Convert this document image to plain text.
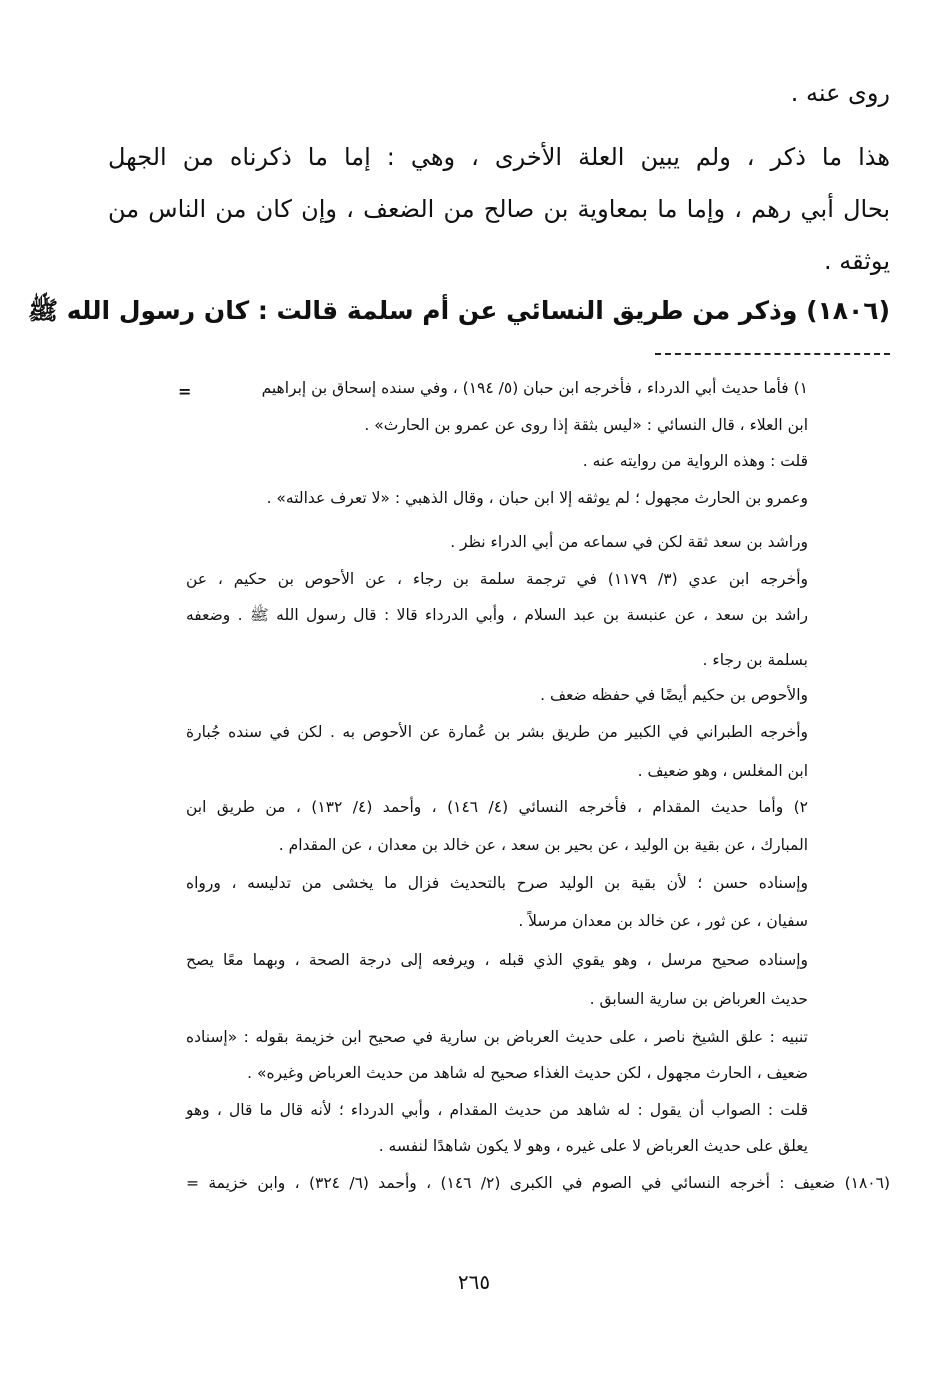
روى عنه .
هذا ما ذكر ، ولم يبين العلة الأخرى ، وهي : إما ما ذكرناه من الجهل
بحال أبي رهم ، وإما ما بمعاوية بن صالح من الضعف ، وإن كان من الناس من
يوثقه .
(١٨٠٦) وذكر من طريق النسائي عن أم سلمة قالت : كان رسول الله ﷺ
=	١) فأما حديث أبي الدرداء ، فأخرجه ابن حبان (٥/ ١٩٤) ، وفي سنده إسحاق بن إبراهيم
ابن العلاء ، قال النسائي : «ليس بثقة إذا روى عن عمرو بن الحارث» .
قلت : وهذه الرواية من روايته عنه .
وعمرو بن الحارث مجهول ؛ لم يوثقه إلا ابن حبان ، وقال الذهبي : «لا تعرف عدالته» .
وراشد بن سعد ثقة لكن في سماعه من أبي الدراء نظر .
وأخرجه ابن عدي (٣/ ١١٧٩) في ترجمة سلمة بن رجاء ، عن الأحوص بن حكيم ، عن
راشد بن سعد ، عن عنبسة بن عبد السلام ، وأبي الدرداء قالا : قال رسول الله ﷺ . وضعفه
بسلمة بن رجاء .
والأحوص بن حكيم أيضًا في حفظه ضعف .
وأخرجه الطبراني في الكبير من طريق بشر بن عُمارة عن الأحوص به . لكن في سنده جُبارة
ابن المغلس ، وهو ضعيف .
٢) وأما حديث المقدام ، فأخرجه النسائي (٤/ ١٤٦) ، وأحمد (٤/ ١٣٢) ، من طريق ابن
المبارك ، عن بقية بن الوليد ، عن بحير بن سعد ، عن خالد بن معدان ، عن المقدام .
وإسناده حسن ؛ لأن بقية بن الوليد صرح بالتحديث فزال ما يخشى من تدليسه ، ورواه
سفيان ، عن ثور ، عن خالد بن معدان مرسلاً .
وإسناده صحيح مرسل ، وهو يقوي الذي قبله ، ويرفعه إلى درجة الصحة ، وبهما معًا يصح
حديث العرباض بن سارية السابق .
تنبيه : علق الشيخ ناصر ، على حديث العرباض بن سارية في صحيح ابن خزيمة بقوله : «إسناده
ضعيف ، الحارث مجهول ، لكن حديث الغذاء صحيح له شاهد من حديث العرباض وغيره» .
قلت : الصواب أن يقول : له شاهد من حديث المقدام ، وأبي الدرداء ؛ لأنه قال ما قال ، وهو
يعلق على حديث العرباض لا على غيره ، وهو لا يكون شاهدًا لنفسه .
(١٨٠٦) ضعيف : أخرجه النسائي في الصوم في الكبرى (٢/ ١٤٦) ، وأحمد (٦/ ٣٢٤) ، وابن خزيمة =
٢٦٥
